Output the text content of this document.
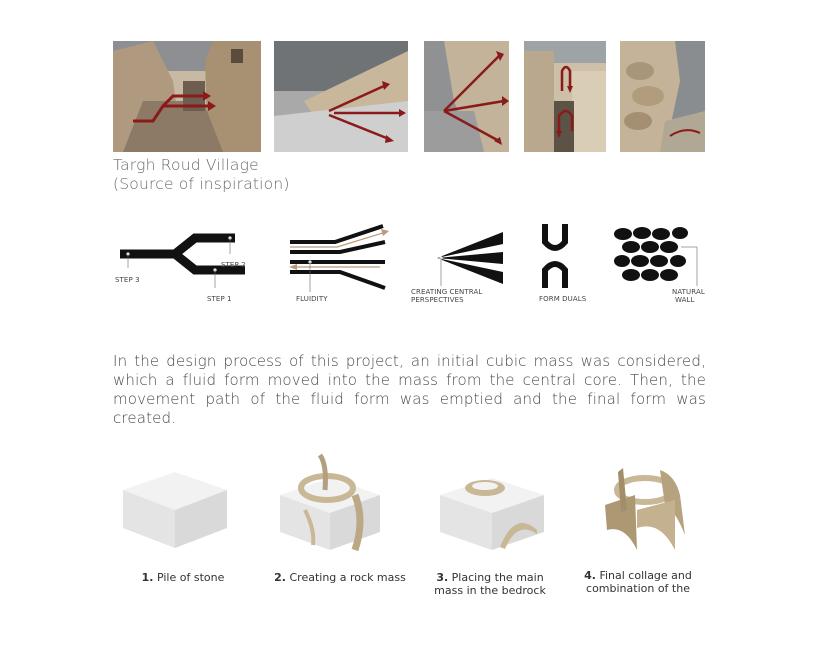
Targh Roud Village
(Source of inspiration)
STEP 3
STEP 2
STEP 1	FLUIDITY
CREATING CENTRAL
PERSPECTIVES	FORM DUALS
NATURAL
WALL
In the design process of this project, an initial cubic mass was considered, which a fluid form moved into the mass from the central core. Then, the movement path of the fluid form was emptied and the final form was created.
1. Pile of stone	2. Creating a rock mass	3. Placing the main
mass in the bedrock
4. Final collage and
combination of the
